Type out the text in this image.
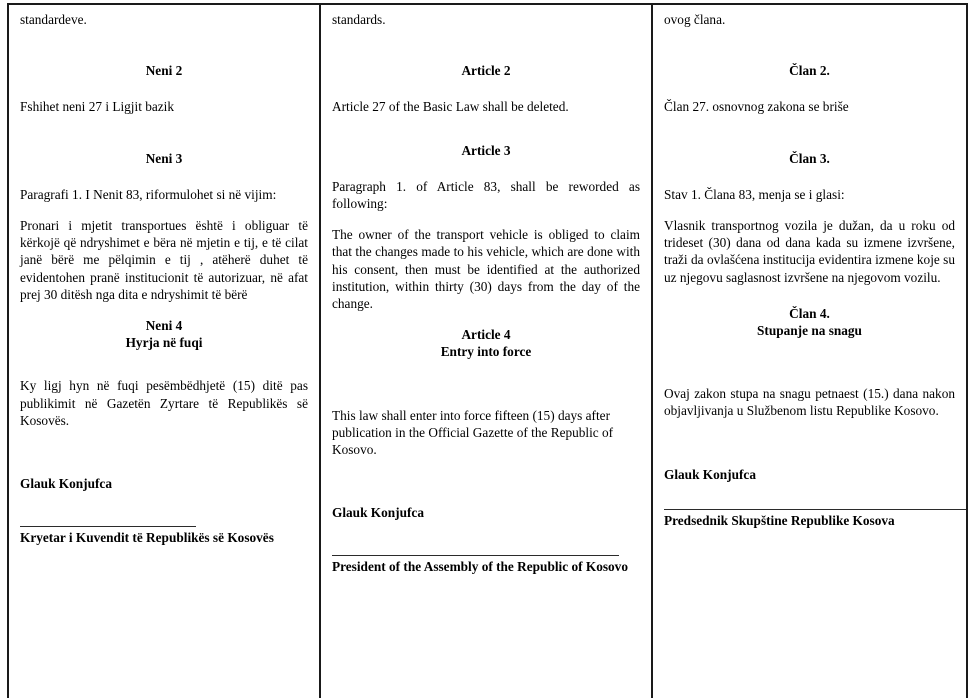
standardeve.

Neni 2

Fshihet neni 27 i Ligjit bazik

Neni 3

Paragrafi 1. I Nenit 83, riformulohet si në vijim:

Pronari i mjetit transportues është i obliguar të kërkojë që ndryshimet e bëra në mjetin e tij, e të cilat janë bërë me pëlqimin e tij , atëherë duhet të evidentohen pranë institucionit të autorizuar, në afat prej 30 ditësh nga dita e ndryshimit të bërë

Neni 4

Hyrja në fuqi

Ky ligj hyn në fuqi pesëmbëdhjetë (15) ditë pas publikimit në Gazetën Zyrtare të Republikës së Kosovës.

Glauk Konjufca

Kryetar i Kuvendit të Republikës së Kosovës

standards.

Article 2

Article 27 of the Basic Law shall be deleted.

Article 3

Paragraph 1. of Article 83, shall be reworded as following:

The owner of the transport vehicle is obliged to claim that the changes made to his vehicle, which are done with his consent, then must be identified at the authorized institution, within thirty (30) days from the day of the change.

Article 4

Entry into force

This law shall enter into force fifteen (15) days after publication in the Official Gazette of the Republic of Kosovo.

Glauk Konjufca

President of the Assembly of the Republic of Kosovo

ovog člana.

Član 2.

Član 27. osnovnog zakona se briše

Član 3.

Stav 1. Člana 83, menja se i glasi:

Vlasnik transportnog vozila je dužan, da u roku od trideset (30) dana od dana kada su izmene izvršene, traži da ovlašćena institucija evidentira izmene koje su uz njegovu saglasnost izvršene na njegovom vozilu.

Član 4.

Stupanje na snagu

Ovaj zakon stupa na snagu petnaest (15.) dana nakon objavljivanja u Službenom listu Republike Kosovo.

Glauk Konjufca

Predsednik Skupštine Republike Kosova
